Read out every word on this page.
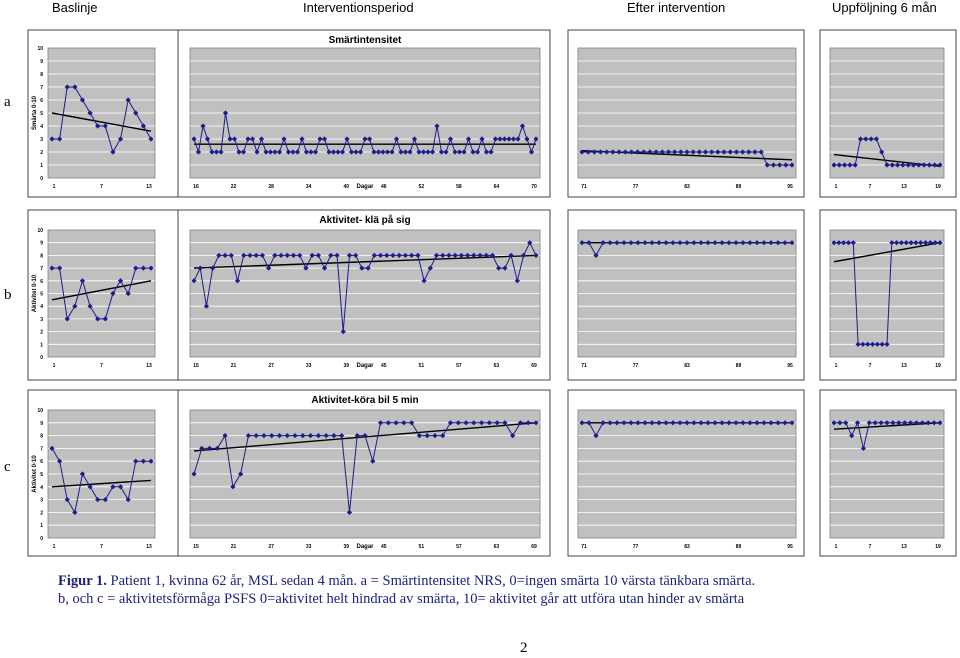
Baslinje	Interventionsperiod	Efter intervention	Uppföljning 6 mån
a
b
c
0
1
2
3
4
5
6
7
8
9
10
Smärta 0-10
1	7	13
Smärtintensitet
16	22	28	34	40	46	52	58	64	70
Dagar	71	77	83	89	95	1	7	13	19
0
1
2
3
4
5
6
7
8
9
10
Aktivitet 0-10
1	7	13
Aktivitet- klä på sig
15	21	27	33	39	45	51	57	63	69
Dagar	71	77	83	89	95	1	7	13	19
0
1
2
3
4
5
6
7
8
9
10
Aktivitet 0-10
1	7	13
Aktivitet-köra bil 5 min
15	21	27	33	39	45	51	57	63	69
Dagar	71	77	83	89	95	1	7	13	19
Figur 1. Patient 1, kvinna 62 år, MSL sedan 4 mån. a = Smärtintensitet NRS, 0=ingen smärta 10 värsta tänkbara smärta.
b, och c = aktivitetsförmåga PSFS 0=aktivitet helt hindrad av smärta, 10= aktivitet går att utföra utan hinder av smärta
2
